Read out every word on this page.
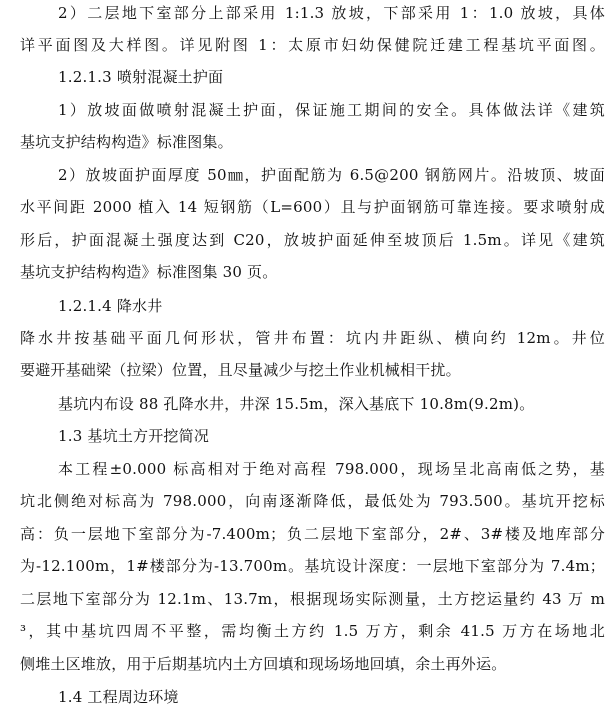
2）二层地下室部分上部采用 1:1.3 放坡，下部采用 1：1.0 放坡，具体
详平面图及大样图。详见附图 1：太原市妇幼保健院迁建工程基坑平面图。
1.2.1.3 喷射混凝土护面
1）放坡面做喷射混凝土护面，保证施工期间的安全。具体做法详《建筑
基坑支护结构构造》标准图集。
2）放坡面护面厚度 50㎜，护面配筋为 6.5@200 钢筋网片。沿坡顶、坡面
水平间距 2000 植入 14 短钢筋（L=600）且与护面钢筋可靠连接。要求喷射成
形后，护面混凝土强度达到 C20，放坡护面延伸至坡顶后 1.5m。详见《建筑
基坑支护结构构造》标准图集 30 页。
1.2.1.4 降水井
降水井按基础平面几何形状，管井布置：坑内井距纵、横向约 12m。井位
要避开基础梁（拉梁）位置，且尽量减少与挖土作业机械相干扰。
基坑内布设 88 孔降水井，井深 15.5m，深入基底下 10.8m(9.2m)。
1.3 基坑土方开挖简况
本工程±0.000 标高相对于绝对高程 798.000，现场呈北高南低之势，基
坑北侧绝对标高为 798.000，向南逐渐降低，最低处为 793.500。基坑开挖标
高：负一层地下室部分为-7.400m；负二层地下室部分，2#、3#楼及地库部分
为-12.100m，1#楼部分为-13.700m。基坑设计深度：一层地下室部分为 7.4m；
二层地下室部分为 12.1m、13.7m，根据现场实际测量，土方挖运量约 43 万 m
³，其中基坑四周不平整，需均衡土方约 1.5 万方，剩余 41.5 万方在场地北
侧堆土区堆放，用于后期基坑内土方回填和现场场地回填，余土再外运。
1.4 工程周边环境
